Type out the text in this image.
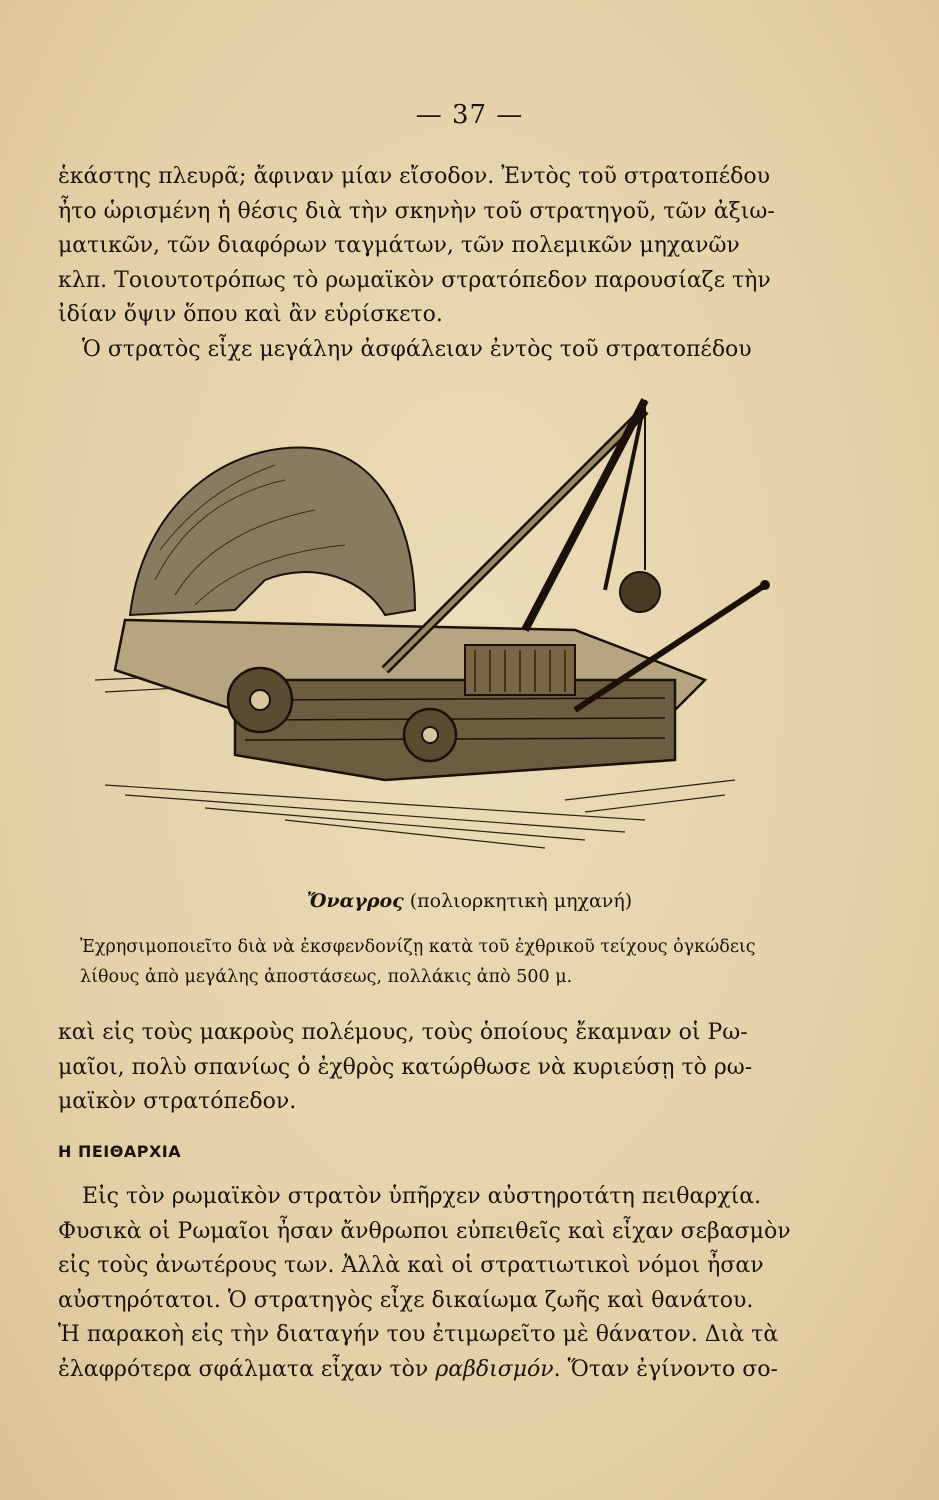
— 37 —

ἑκάστης πλευρᾶ; ἄφιναν μίαν εἴσοδον. Ἐντὸς τοῦ στρατοπέδου

ἦτο ὡρισμένη ἡ θέσις διὰ τὴν σκηνὴν τοῦ στρατηγοῦ, τῶν ἀξιω-

ματικῶν, τῶν διαφόρων ταγμάτων, τῶν πολεμικῶν μηχανῶν

κλπ. Τοιουτοτρόπως τὸ ρωμαϊκὸν στρατόπεδον παρουσίαζε τὴν

ἰδίαν ὄψιν ὅπου καὶ ἂν εὑρίσκετο.

Ὁ στρατὸς εἶχε μεγάλην ἀσφάλειαν ἐντὸς τοῦ στρατοπέδου

Ὄναγρος (πολιορκητικὴ μηχανή)
Ἐχρησιμοποιεῖτο διὰ νὰ ἐκσφενδονίζῃ κατὰ τοῦ ἐχθρικοῦ τείχους ὀγκώδεις
λίθους ἀπὸ μεγάλης ἀποστάσεως, πολλάκις ἀπὸ 500 μ.

καὶ εἰς τοὺς μακροὺς πολέμους, τοὺς ὁποίους ἔκαμναν οἱ Ρω-

μαῖοι, πολὺ σπανίως ὁ ἐχθρὸς κατώρθωσε νὰ κυριεύσῃ τὸ ρω-

μαϊκὸν στρατόπεδον.

Η ΠΕΙΘΑΡΧΙΑ

Εἰς τὸν ρωμαϊκὸν στρατὸν ὑπῆρχεν αὐστηροτάτη πειθαρχία.

Φυσικὰ οἱ Ρωμαῖοι ἦσαν ἄνθρωποι εὐπειθεῖς καὶ εἶχαν σεβασμὸν

εἰς τοὺς ἀνωτέρους των. Ἀλλὰ καὶ οἱ στρατιωτικοὶ νόμοι ἦσαν

αὐστηρότατοι. Ὁ στρατηγὸς εἶχε δικαίωμα ζωῆς καὶ θανάτου.

Ἡ παρακοὴ εἰς τὴν διαταγήν του ἐτιμωρεῖτο μὲ θάνατον. Διὰ τὰ

ἐλαφρότερα σφάλματα εἶχαν τὸν ραβδισμόν. Ὅταν ἐγίνοντο σο-
